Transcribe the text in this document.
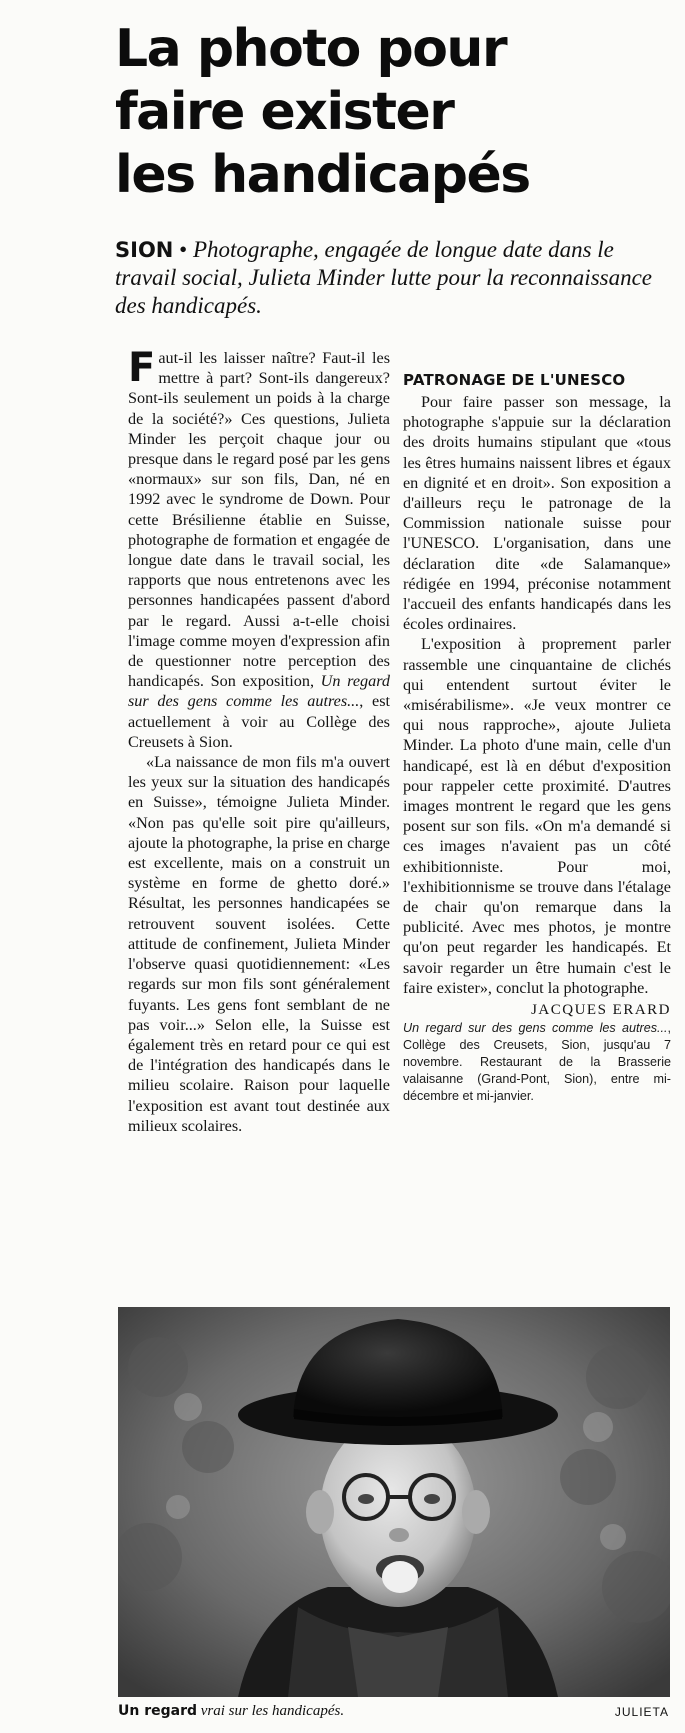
La photo pour
faire exister
les handicapés

SION • Photographe, engagée de longue date dans le travail social, Julieta Minder lutte pour la reconnaissance des handicapés.

Faut-il les laisser naître? Faut-il les mettre à part? Sont-ils dangereux? Sont-ils seulement un poids à la charge de la société?» Ces questions, Julieta Minder les perçoit chaque jour ou presque dans le regard posé par les gens «normaux» sur son fils, Dan, né en 1992 avec le syndrome de Down. Pour cette Brésilienne établie en Suisse, photographe de formation et engagée de longue date dans le travail social, les rapports que nous entretenons avec les personnes handicapées passent d'abord par le regard. Aussi a-t-elle choisi l'image comme moyen d'expression afin de questionner notre perception des handicapés. Son exposition, Un regard sur des gens comme les autres..., est actuellement à voir au Collège des Creusets à Sion.

«La naissance de mon fils m'a ouvert les yeux sur la situation des handicapés en Suisse», témoigne Julieta Minder. «Non pas qu'elle soit pire qu'ailleurs, ajoute la photographe, la prise en charge est excellente, mais on a construit un système en forme de ghetto doré.» Résultat, les personnes handicapées se retrouvent souvent isolées. Cette attitude de confinement, Julieta Minder l'observe quasi quotidiennement: «Les regards sur mon fils sont généralement fuyants. Les gens font semblant de ne pas voir...» Selon elle, la Suisse est également très en retard pour ce qui est de l'intégration des handicapés dans le milieu scolaire. Raison pour laquelle l'exposition est avant tout destinée aux milieux scolaires.

PATRONAGE DE L'UNESCO

Pour faire passer son message, la photographe s'appuie sur la déclaration des droits humains stipulant que «tous les êtres humains naissent libres et égaux en dignité et en droit». Son exposition a d'ailleurs reçu le patronage de la Commission nationale suisse pour l'UNESCO. L'organisation, dans une déclaration dite «de Salamanque» rédigée en 1994, préconise notamment l'accueil des enfants handicapés dans les écoles ordinaires.

L'exposition à proprement parler rassemble une cinquantaine de clichés qui entendent surtout éviter le «misérabilisme». «Je veux montrer ce qui nous rapproche», ajoute Julieta Minder. La photo d'une main, celle d'un handicapé, est là en début d'exposition pour rappeler cette proximité. D'autres images montrent le regard que les gens posent sur son fils. «On m'a demandé si ces images n'avaient pas un côté exhibitionniste. Pour moi, l'exhibitionnisme se trouve dans l'étalage de chair qu'on remarque dans la publicité. Avec mes photos, je montre qu'on peut regarder les handicapés. Et savoir regarder un être humain c'est le faire exister», conclut la photographe.

JACQUES ERARD

Un regard sur des gens comme les autres..., Collège des Creusets, Sion, jusqu'au 7 novembre. Restaurant de la Brasserie valaisanne (Grand-Pont, Sion), entre mi-décembre et mi-janvier.

Un regard vrai sur les handicapés.	JULIETA
